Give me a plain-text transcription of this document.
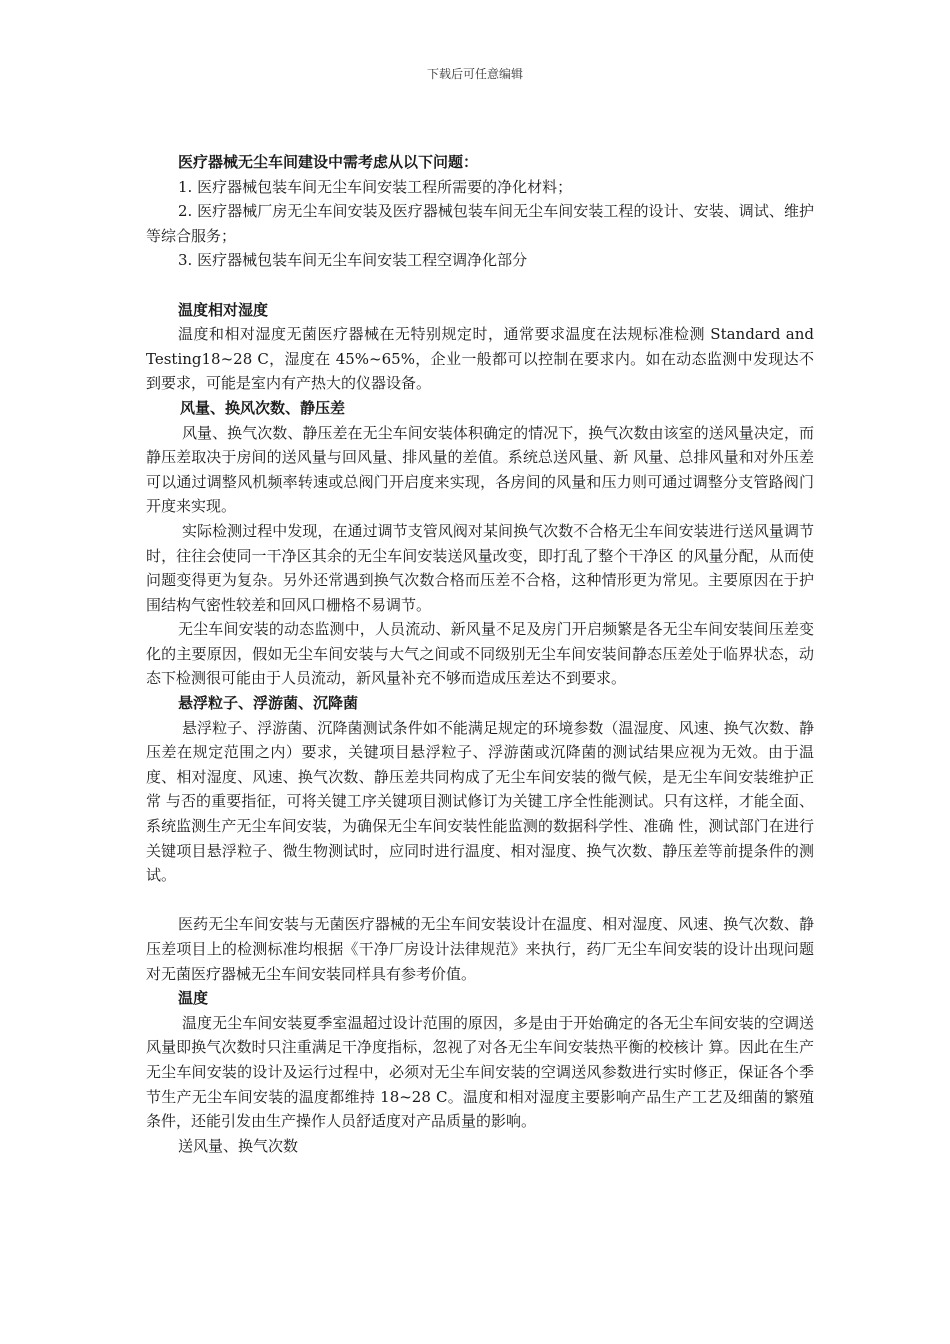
下载后可任意编辑

医疗器械无尘车间建设中需考虑从以下问题：

1. 医疗器械包装车间无尘车间安装工程所需要的净化材料；

2. 医疗器械厂房无尘车间安装及医疗器械包装车间无尘车间安装工程的设计、安装、调试、维护等综合服务；

3. 医疗器械包装车间无尘车间安装工程空调净化部分

温度相对湿度

温度和相对湿度无菌医疗器械在无特别规定时，通常要求温度在法规标准检测 Standard and Testing18~28 C，湿度在 45%~65%，企业一般都可以控制在要求内。如在动态监测中发现达不到要求，可能是室内有产热大的仪器设备。

风量、换风次数、静压差

风量、换气次数、静压差在无尘车间安装体积确定的情况下，换气次数由该室的送风量决定，而静压差取决于房间的送风量与回风量、排风量的差值。系统总送风量、新 风量、总排风量和对外压差可以通过调整风机频率转速或总阀门开启度来实现，各房间的风量和压力则可通过调整分支管路阀门开度来实现。

实际检测过程中发现，在通过调节支管风阀对某间换气次数不合格无尘车间安装进行送风量调节时，往往会使同一干净区其余的无尘车间安装送风量改变，即打乱了整个干净区 的风量分配，从而使问题变得更为复杂。另外还常遇到换气次数合格而压差不合格，这种情形更为常见。主要原因在于护围结构气密性较差和回风口栅格不易调节。

无尘车间安装的动态监测中，人员流动、新风量不足及房门开启频繁是各无尘车间安装间压差变化的主要原因，假如无尘车间安装与大气之间或不同级别无尘车间安装间静态压差处于临界状态，动态下检测很可能由于人员流动，新风量补充不够而造成压差达不到要求。

悬浮粒子、浮游菌、沉降菌

悬浮粒子、浮游菌、沉降菌测试条件如不能满足规定的环境参数（温湿度、风速、换气次数、静压差在规定范围之内）要求，关键项目悬浮粒子、浮游菌或沉降菌的测试结果应视为无效。由于温度、相对湿度、风速、换气次数、静压差共同构成了无尘车间安装的微气候，是无尘车间安装维护正常 与否的重要指征，可将关键工序关键项目测试修订为关键工序全性能测试。只有这样，才能全面、系统监测生产无尘车间安装，为确保无尘车间安装性能监测的数据科学性、准确 性，测试部门在进行关键项目悬浮粒子、微生物测试时，应同时进行温度、相对湿度、换气次数、静压差等前提条件的测试。

医药无尘车间安装与无菌医疗器械的无尘车间安装设计在温度、相对湿度、风速、换气次数、静压差项目上的检测标准均根据《干净厂房设计法律规范》来执行，药厂无尘车间安装的设计出现问题对无菌医疗器械无尘车间安装同样具有参考价值。

温度

温度无尘车间安装夏季室温超过设计范围的原因，多是由于开始确定的各无尘车间安装的空调送风量即换气次数时只注重满足干净度指标，忽视了对各无尘车间安装热平衡的校核计 算。因此在生产无尘车间安装的设计及运行过程中，必须对无尘车间安装的空调送风参数进行实时修正，保证各个季节生产无尘车间安装的温度都维持 18~28 C。温度和相对湿度主要影响产品生产工艺及细菌的繁殖条件，还能引发由生产操作人员舒适度对产品质量的影响。

送风量、换气次数
